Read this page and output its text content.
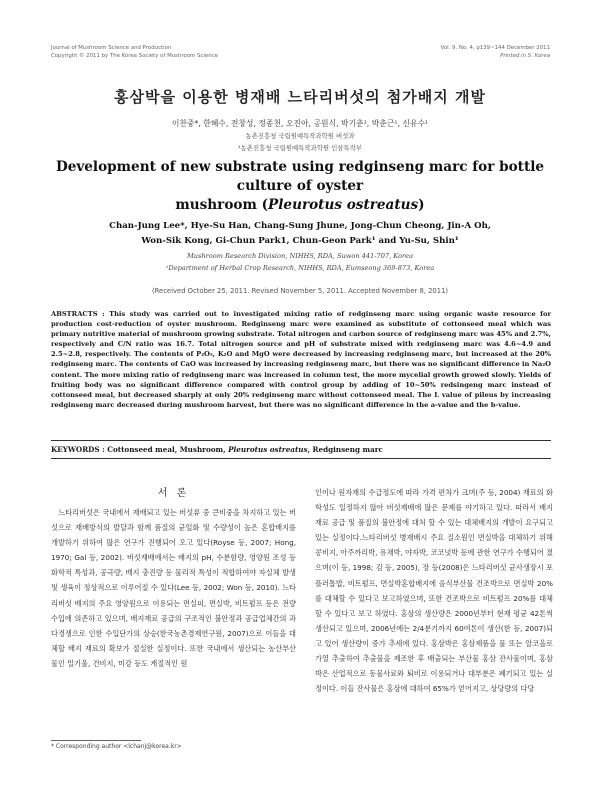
Journal of Mushroom Science and Production
Copyright © 2011 by The Korea Society of Mushroom Science
Vol. 9, No. 4, p139~144 December 2011
Printed in S. Korea
홍삼박을 이용한 병재배 느타리버섯의 첨가배지 개발
이찬중*, 한혜수, 전창성, 정종천, 오진아, 공원식, 박기춘¹, 박춘근¹, 신유수¹
농촌진흥청 국립원예특작과학원 버섯과
¹농촌진흥청 국립원예특작과학원 인삼특작부
Development of new substrate using redginseng marc for bottle culture of oyster
mushroom (Pleurotus ostreatus)
Chan-Jung Lee*, Hye-Su Han, Chang-Sung Jhune, Jong-Chun Cheong, Jin-A Oh,
Won-Sik Kong, Gi-Chun Park1, Chun-Geon Park¹ and Yu-Su, Shin¹
Mushroom Research Division, NIHHS, RDA, Suwon 441-707, Korea
¹Department of Herbal Crop Research, NIHHS, RDA, Eumseong 369-873, Korea
(Received October 25, 2011. Revised November 5, 2011. Accepted November 8, 2011)
ABSTRACTS : This study was carried out to investigated mixing ratio of redginseng marc using organic waste resource for production cost-reduction of oyster mushroom. Redginseng marc were examined as substitute of cottonseed meal which was primary nutritive material of mushroom growing substrate. Total nitrogen and carbon source of redginseng marc was 45% and 2.7%, respectively and C/N ratio was 16.7. Total nitrogen source and pH of substrate mixed with redginseng marc was 4.6~4.9 and 2.5~2.8, respectively. The contents of P₂O₅, K₂O and MgO were decreased by increasing redginseng marc, but increased at the 20% redginseng marc. The contents of CaO was increased by increasing redginseng marc, but there was no significant difference in Na₂O content. The more mixing ratio of redginseng marc was increased in column test, the more mycelial growth growed slowly. Yields of fruiting body was no significant difference compared with control group by adding of 10~50% redsingeng marc instead of cottonseed meal, but decreased sharply at only 20% redginseng marc without cottonseed meal. The L value of pileus by increasing redginseng marc decreased during mushroom harvest, but there was no significant difference in the a-value and the b-value.
KEYWORDS : Cottonseed meal, Mushroom, Pleurotus ostreatus, Redginseng marc
서 론

느타리버섯은 국내에서 재배되고 있는 버섯류 중 큰비중을 차지하고 있는 버섯으로 재배방식의 발달과 함께 품질의 균일화 및 수량성이 높은 혼합배지를 개발하기 위하여 많은 연구가 진행되어 오고 있다(Royse 등, 2007; Hong, 1970; Gal 등, 2002). 버섯재배에서는 배지의 pH, 수분함량, 영양원 조성 등 화학적 특성과, 공극량, 배지 충진량 등 물리적 특성이 적합하여야 자실체 발생 및 생육이 정상적으로 이루어질 수 있다(Lee 등, 2002; Won 등, 2010). 느타리버섯 배지의 주요 영양원으로 이용되는 면실피, 면실박, 비트펄프 등은 전량 수입에 의존하고 있으며, 배지재료 공급의 구조적인 불안정과 공급업체간의 과다경쟁으로 인한 수입단가의 상승(한국농촌경제연구원, 2007)으로 이들을 대체할 배지 재료의 확보가 절실한 실정이다. 또한 국내에서 생산되는 농산부산물인 밀기울, 건비지, 미강 등도 계절적인 원

인이나 원자재의 수급정도에 따라 가격 편차가 크며(주 등, 2004) 재료의 화학성도 일정하지 않아 버섯재배에 많은 문제를 야기하고 있다. 따라서 배지재료 공급 및 품질의 불안정에 대처 할 수 있는 대체배지의 개발이 요구되고 있는 실정이다.느타리버섯 병재배시 주요 질소원인 면실박을 대체하기 위해 콩비지, 아주까리박, 유채박, 야자박, 코코넛박 등에 관한 연구가 수행되어 졌으며(이 등, 1998; 김 등, 2005), 장 등(2008)은 느타리버섯 균사생장시 포플러톱밥, 비트펄프, 면실박혼합배지에 음식부산물 건조박으로 면실박 20%를 대체할 수 있다고 보고하였으며, 또한 건조박으로 비트펄프 20%를 대체할 수 있다고 보고 하였다. 홍삼의 생산량은 2000년부터 현재 평균 42톤씩 생산되고 있으며, 2006년에는 2/4분기까지 60여톤이 생산(한 등, 2007)되고 있어 생산량이 증가 추세에 있다. 홍삼박은 홍삼제품을 물 또는 알코올로 가열 추출하여 추출물을 제조한 후 배출되는 부산물 홍삼 잔사물이며, 홍삼박은 산업적으로 동물사료와 퇴비로 이용되거나 대부분은 폐기되고 있는 실정이다. 이들 잔사물은 홍삼에 대하여 65%가 얻어지고, 상당량의 다당

* Corresponding author <lchanj@korea.kr>
